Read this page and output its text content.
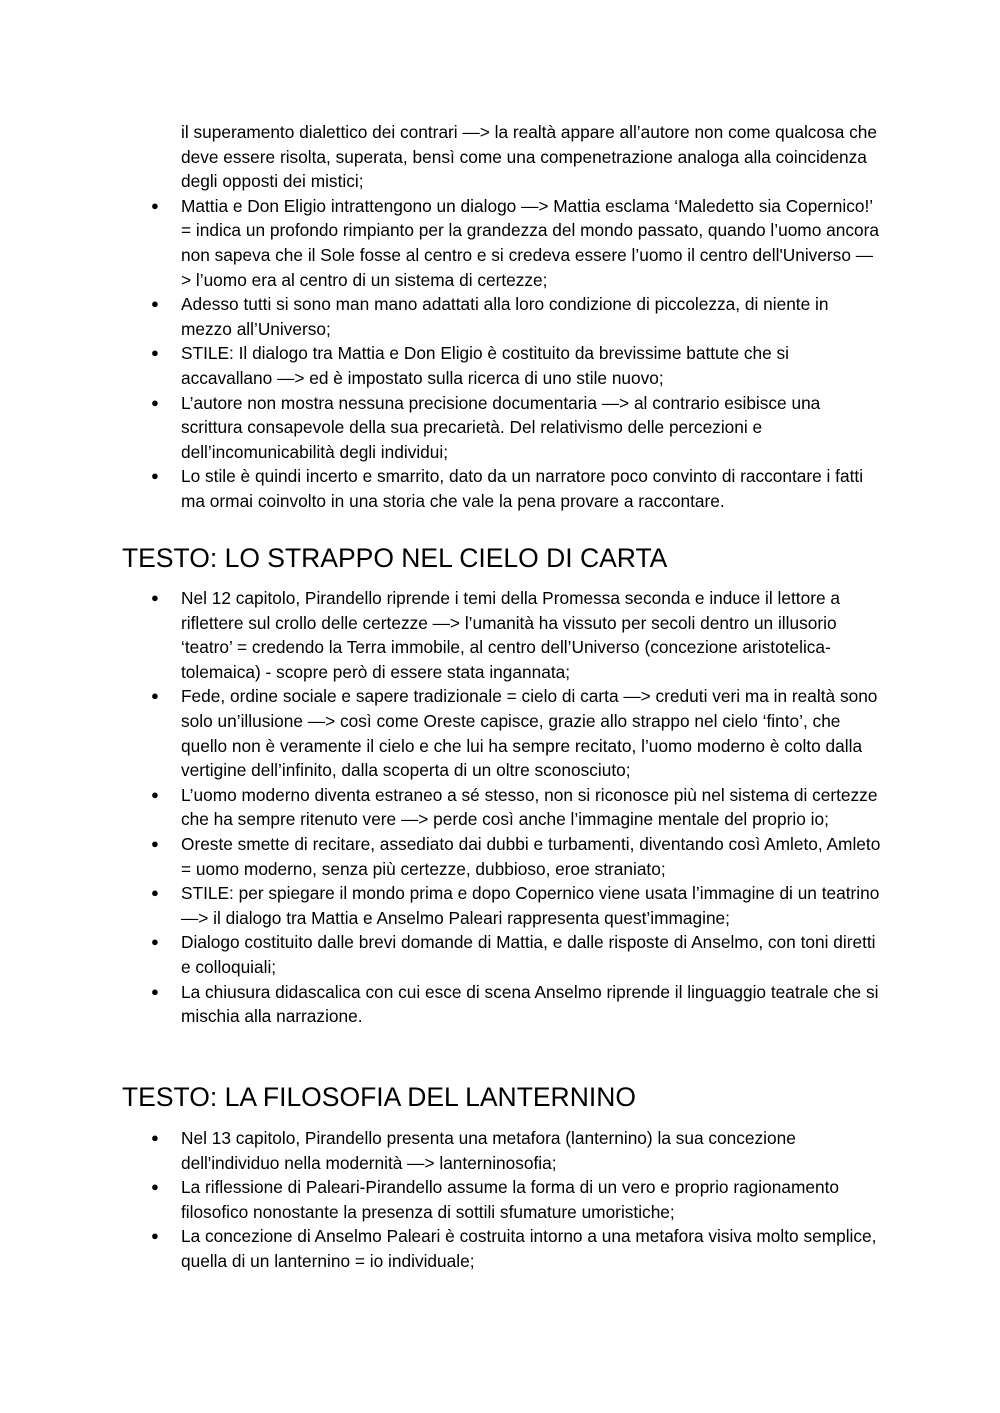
il superamento dialettico dei contrari —> la realtà appare all’autore non come qualcosa che deve essere risolta, superata, bensì come una compenetrazione analoga alla coincidenza degli opposti dei mistici;

● Mattia e Don Eligio intrattengono un dialogo —> Mattia esclama ‘Maledetto sia Copernico!’ = indica un profondo rimpianto per la grandezza del mondo passato, quando l’uomo ancora non sapeva che il Sole fosse al centro e si credeva essere l’uomo il centro dell'Universo —> l’uomo era al centro di un sistema di certezze;
● Adesso tutti si sono man mano adattati alla loro condizione di piccolezza, di niente in mezzo all’Universo;
● STILE: Il dialogo tra Mattia e Don Eligio è costituito da brevissime battute che si accavallano —> ed è impostato sulla ricerca di uno stile nuovo;
● L’autore non mostra nessuna precisione documentaria —> al contrario esibisce una scrittura consapevole della sua precarietà. Del relativismo delle percezioni e dell’incomunicabilità degli individui;
● Lo stile è quindi incerto e smarrito, dato da un narratore poco convinto di raccontare i fatti ma ormai coinvolto in una storia che vale la pena provare a raccontare.
TESTO: LO STRAPPO NEL CIELO DI CARTA
● Nel 12 capitolo, Pirandello riprende i temi della Promessa seconda e induce il lettore a riflettere sul crollo delle certezze —> l’umanità ha vissuto per secoli dentro un illusorio ‘teatro’ = credendo la Terra immobile, al centro dell’Universo (concezione aristotelica-tolemaica) - scopre però di essere stata ingannata;
● Fede, ordine sociale e sapere tradizionale = cielo di carta —> creduti veri ma in realtà sono solo un’illusione —> così come Oreste capisce, grazie allo strappo nel cielo ‘finto’, che quello non è veramente il cielo e che lui ha sempre recitato, l’uomo moderno è colto dalla vertigine dell’infinito, dalla scoperta di un oltre sconosciuto;
● L’uomo moderno diventa estraneo a sé stesso, non si riconosce più nel sistema di certezze che ha sempre ritenuto vere —> perde così anche l’immagine mentale del proprio io;
● Oreste smette di recitare, assediato dai dubbi e turbamenti, diventando così Amleto, Amleto = uomo moderno, senza più certezze, dubbioso, eroe straniato;
● STILE: per spiegare il mondo prima e dopo Copernico viene usata l’immagine di un teatrino —> il dialogo tra Mattia e Anselmo Paleari rappresenta quest’immagine;
● Dialogo costituito dalle brevi domande di Mattia, e dalle risposte di Anselmo, con toni diretti e colloquiali;
● La chiusura didascalica con cui esce di scena Anselmo riprende il linguaggio teatrale che si mischia alla narrazione.
TESTO: LA FILOSOFIA DEL LANTERNINO
● Nel 13 capitolo, Pirandello presenta una metafora (lanternino) la sua concezione dell'individuo nella modernità —> lanterninosofia;
● La riflessione di Paleari-Pirandello assume la forma di un vero e proprio ragionamento filosofico nonostante la presenza di sottili sfumature umoristiche;
● La concezione di Anselmo Paleari è costruita intorno a una metafora visiva molto semplice, quella di un lanternino = io individuale;
